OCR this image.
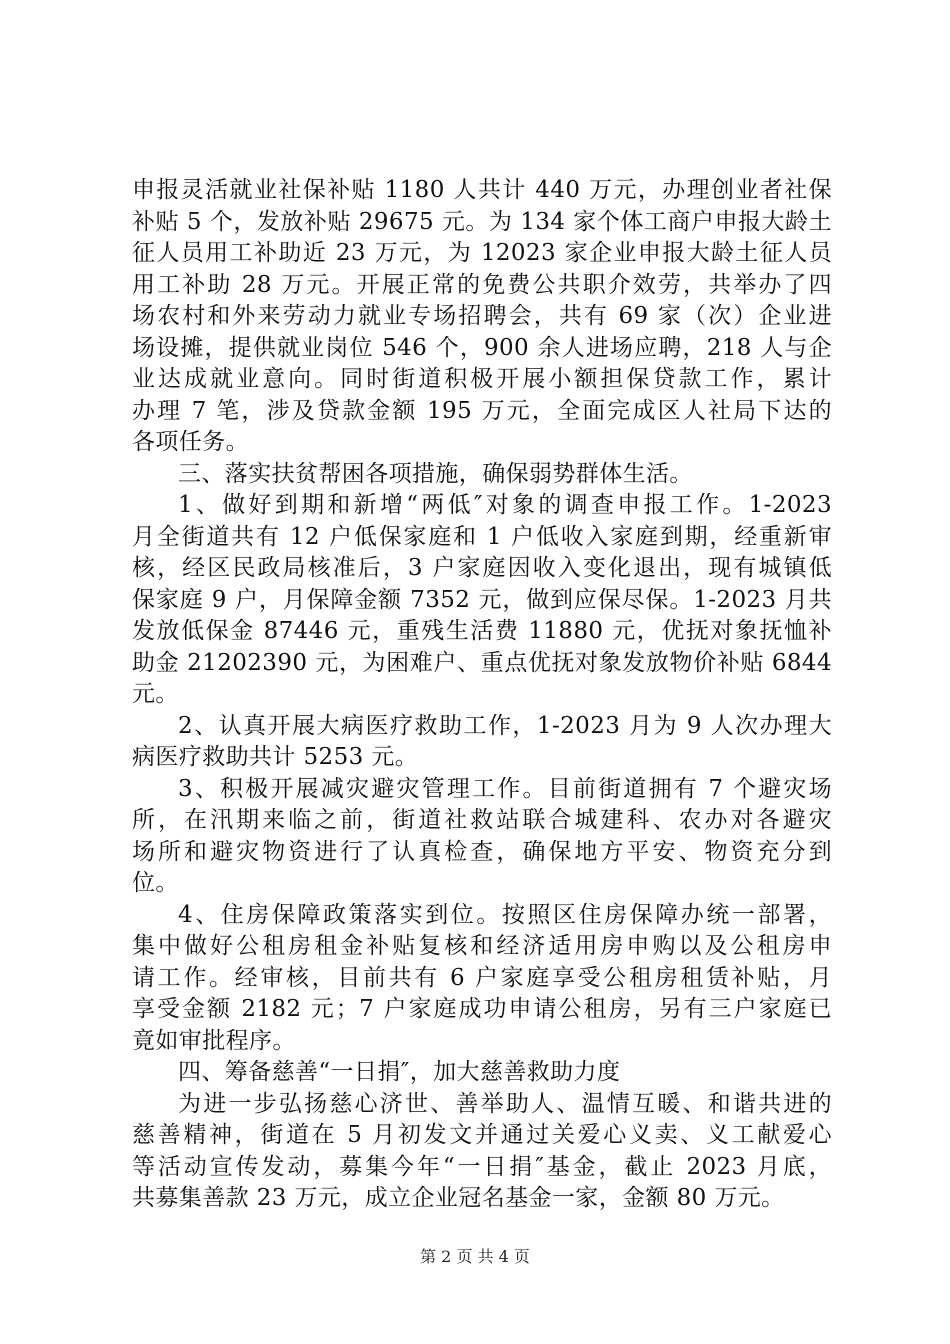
申报灵活就业社保补贴 1180 人共计 440 万元，办理创业者社保
补贴 5 个，发放补贴 29675 元。为 134 家个体工商户申报大龄土
征人员用工补助近 23 万元，为 12023 家企业申报大龄土征人员
用工补助 28 万元。开展正常的免费公共职介效劳，共举办了四
场农村和外来劳动力就业专场招聘会，共有 69 家（次）企业进
场设摊，提供就业岗位 546 个，900 余人进场应聘，218 人与企
业达成就业意向。同时街道积极开展小额担保贷款工作，累计
办理 7 笔，涉及贷款金额 195 万元，全面完成区人社局下达的
各项任务。
三、落实扶贫帮困各项措施，确保弱势群体生活。
1、做好到期和新增“两低″对象的调查申报工作。1-2023
月全街道共有 12 户低保家庭和 1 户低收入家庭到期，经重新审
核，经区民政局核准后，3 户家庭因收入变化退出，现有城镇低
保家庭 9 户，月保障金额 7352 元，做到应保尽保。1-2023 月共
发放低保金 87446 元，重残生活费 11880 元，优抚对象抚恤补
助金 21202390 元，为困难户、重点优抚对象发放物价补贴 6844
元。
2、认真开展大病医疗救助工作，1-2023 月为 9 人次办理大
病医疗救助共计 5253 元。
3、积极开展减灾避灾管理工作。目前街道拥有 7 个避灾场
所，在汛期来临之前，街道社救站联合城建科、农办对各避灾
场所和避灾物资进行了认真检查，确保地方平安、物资充分到
位。
4、住房保障政策落实到位。按照区住房保障办统一部署，
集中做好公租房租金补贴复核和经济适用房申购以及公租房申
请工作。经审核，目前共有 6 户家庭享受公租房租赁补贴，月
享受金额 2182 元；7 户家庭成功申请公租房，另有三户家庭已
竟如审批程序。
四、筹备慈善“一日捐″，加大慈善救助力度
为进一步弘扬慈心济世、善举助人、温情互暖、和谐共进的
慈善精神，街道在 5 月初发文并通过关爱心义卖、义工献爱心
等活动宣传发动，募集今年“一日捐″基金，截止 2023 月底，
共募集善款 23 万元，成立企业冠名基金一家，金额 80 万元。
第 2 页 共 4 页
